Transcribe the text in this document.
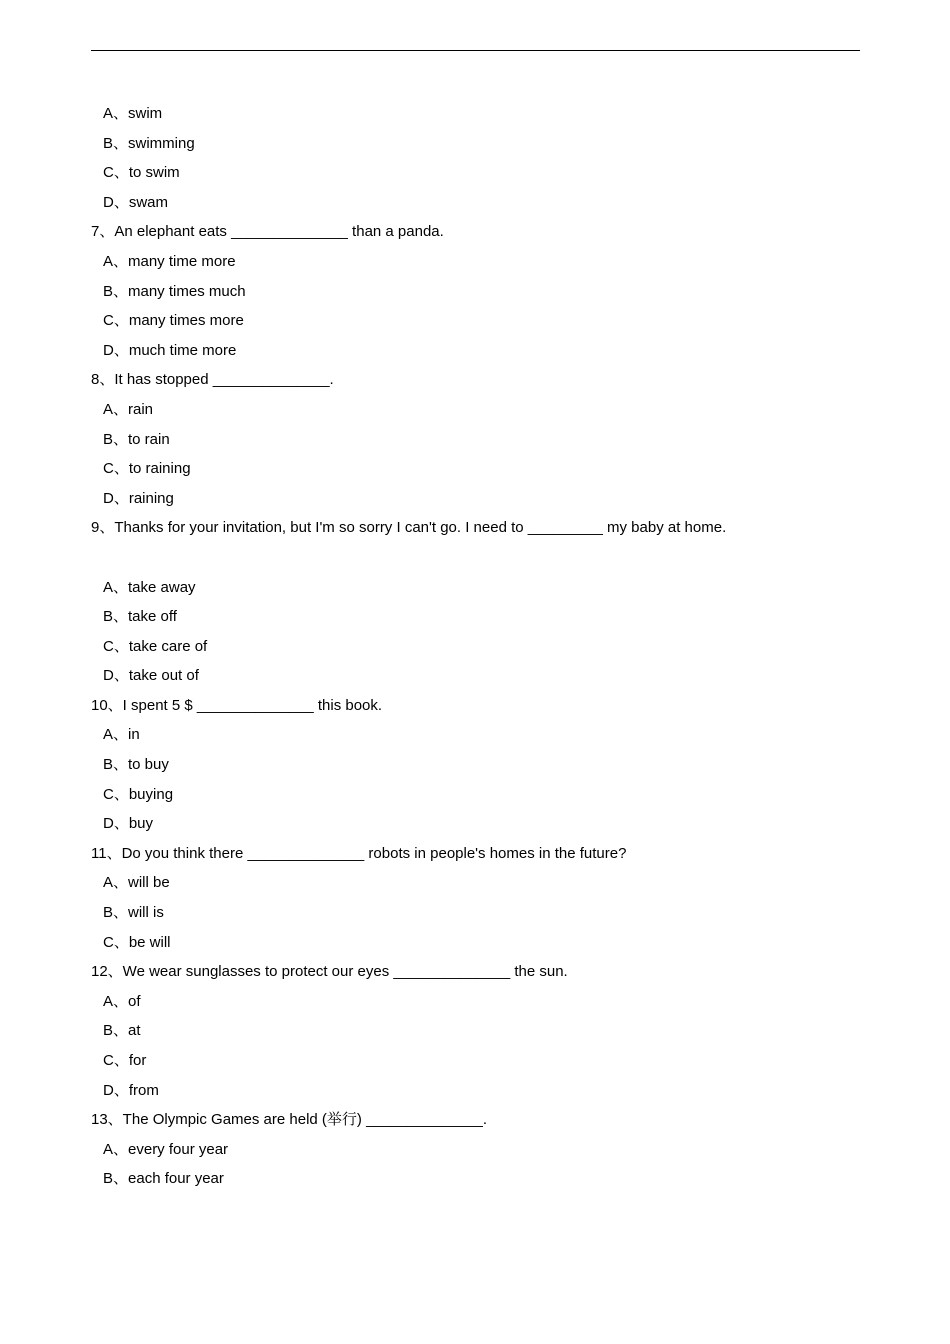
A、swim
B、swimming
C、to swim
D、swam
7、An elephant eats ______________ than a panda.
A、many time more
B、many times much
C、many times more
D、much time more
8、It has stopped ______________.
A、rain
B、to rain
C、to raining
D、raining
9、Thanks for your invitation, but I'm so sorry I can't go. I need to _________ my baby at home.
A、take away
B、take off
C、take care of
D、take out of
10、I spent 5 $ ______________ this book.
A、in
B、to buy
C、buying
D、buy
11、Do you think there ______________ robots in people's homes in the future?
A、will be
B、will is
C、be will
12、We wear sunglasses to protect our eyes ______________ the sun.
A、of
B、at
C、for
D、from
13、The Olympic Games are held (举行) ______________.
A、every four year
B、each four year
